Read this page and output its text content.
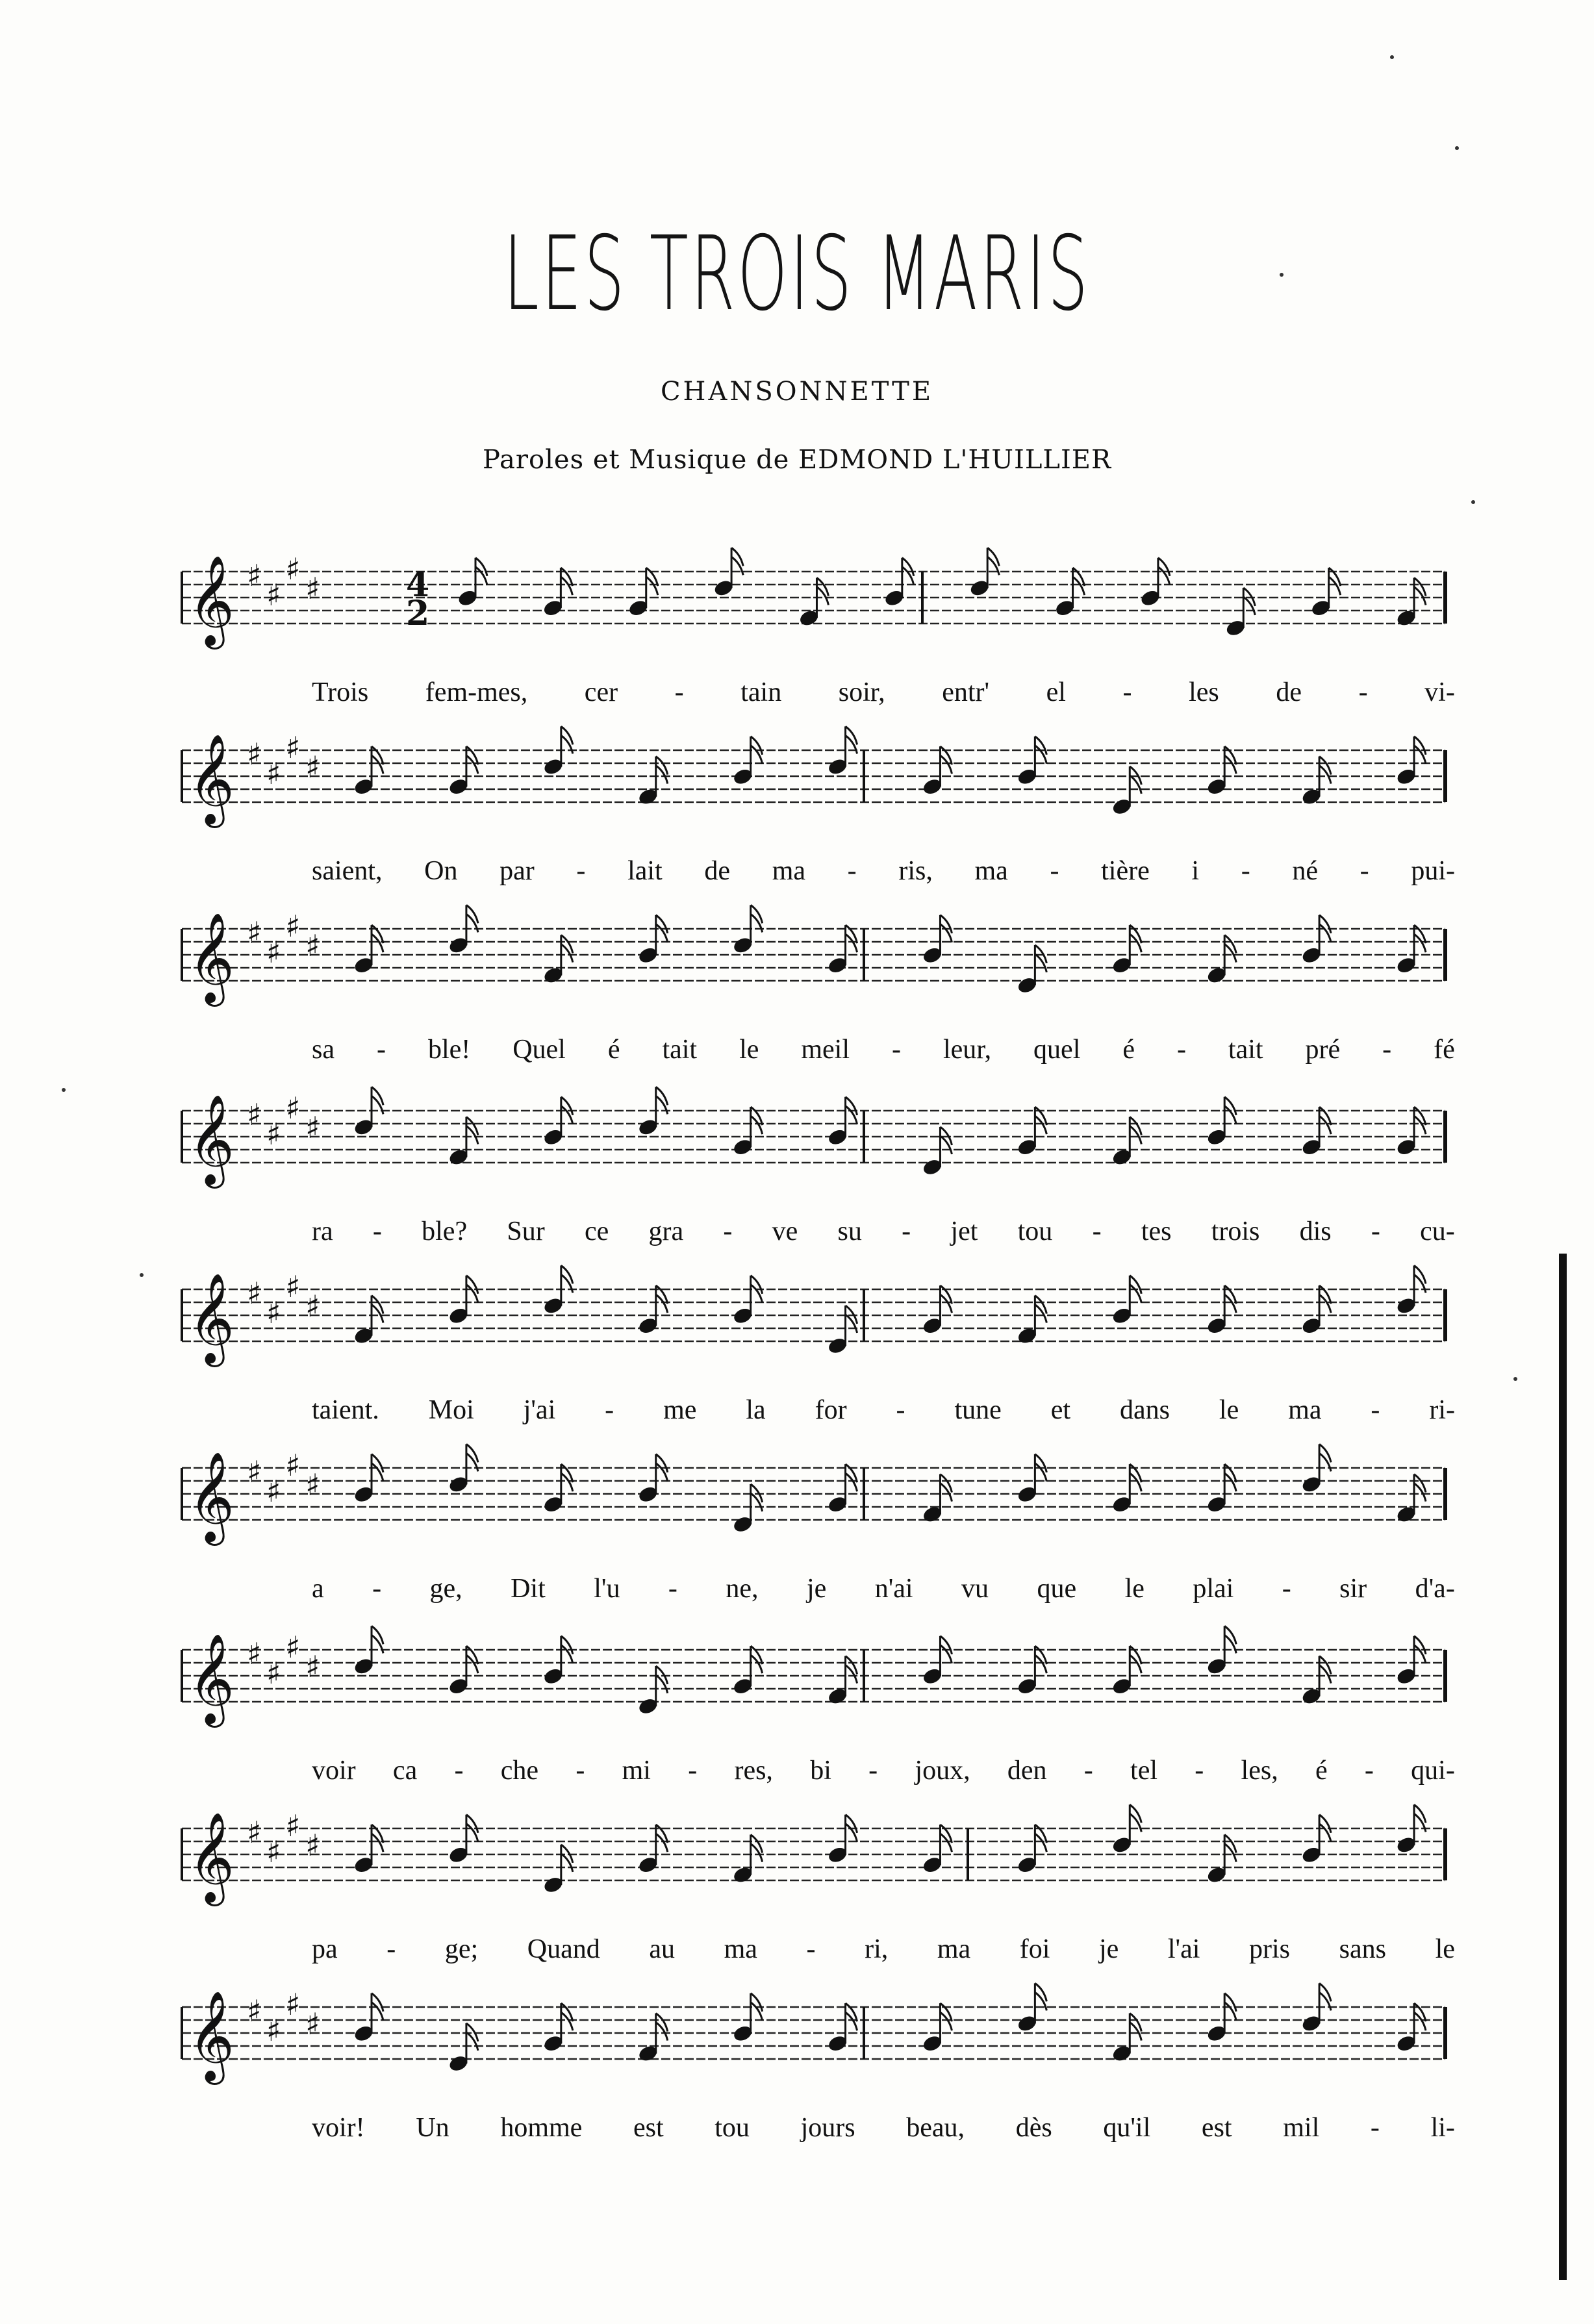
LES TROIS MARIS
CHANSONNETTE
Paroles et Musique de EDMOND L'HUILLIER
𝄞 ♯
♯
♯
♯	4
2
Trois fem-mes, cer - tain soir, entr' el - les de - vi-
𝄞 ♯
♯
♯
♯
saient, On par - lait de ma - ris, ma - tière i - né - pui-
𝄞 ♯
♯
♯
♯
sa - ble! Quel é tait le meil - leur, quel é - tait pré - fé
𝄞 ♯
♯
♯
♯
ra - ble? Sur ce gra - ve su - jet tou - tes trois dis - cu-
𝄞 ♯
♯
♯
♯
taient. Moi j'ai - me la for - tune et dans le ma - ri-
𝄞 ♯
♯
♯
♯
a - ge, Dit l'u - ne, je n'ai vu que le plai - sir d'a-
𝄞 ♯
♯
♯
♯
voir ca - che - mi - res, bi - joux, den - tel - les, é - qui-
𝄞 ♯
♯
♯
♯
pa - ge; Quand au ma - ri, ma foi je l'ai pris sans le
𝄞 ♯
♯
♯
♯
voir! Un homme est tou jours beau, dès qu'il est mil - li-
